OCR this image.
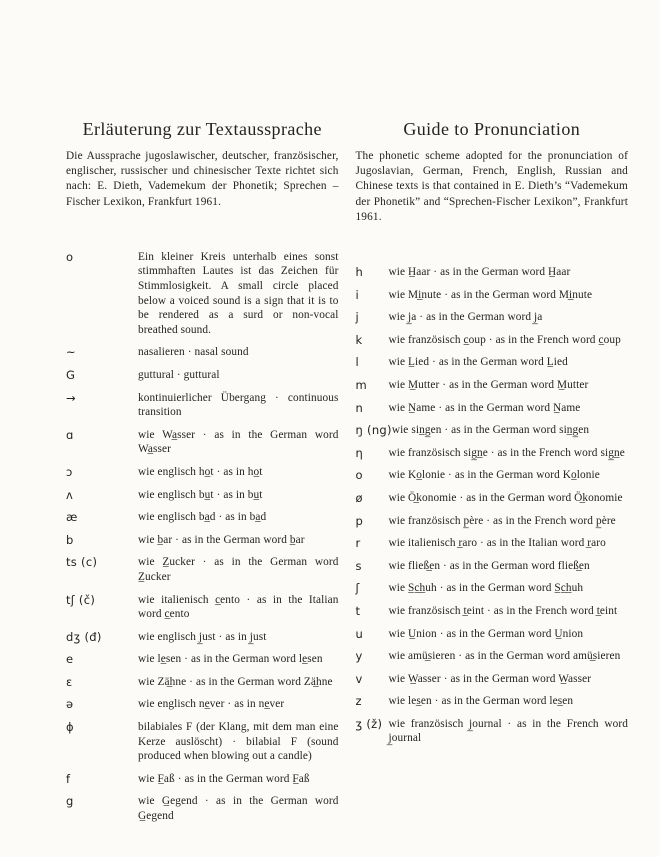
Erläuterung zur Textaussprache
Die Aussprache jugoslawischer, deutscher, französischer, englischer, russischer und chinesischer Texte richtet sich nach: E. Dieth, Vademekum der Phonetik; Sprechen – Fischer Lexikon, Frankfurt 1961.
o	Ein kleiner Kreis unterhalb eines sonst stimmhaften Lautes ist das Zeichen für Stimmlosigkeit. A small circle placed below a voiced sound is a sign that it is to be rendered as a surd or non-vocal breathed sound.
~	nasalieren · nasal sound
G	guttural · guttural
→	kontinuierlicher Übergang · continuous transition
ɑ	wie Wa̲sser · as in the German word Wa̲sser
ɔ	wie englisch ho̲t · as in ho̲t
ʌ	wie englisch bu̲t · as in bu̲t
æ	wie englisch ba̲d · as in ba̲d
b	wie b̲ar · as in the German word b̲ar
ts (c)	wie Z̲ucker · as in the German word Z̲ucker
tʃ (č)	wie italienisch c̲ento · as in the Italian word c̲ento
dʒ (đ)	wie englisch j̲ust · as in j̲ust
e	wie le̲sen · as in the German word le̲sen
ɛ	wie Zä̲hne · as in the German word Zä̲hne
ə	wie englisch ne̲ver · as in ne̲ver
ɸ	bilabiales F (der Klang, mit dem man eine Kerze auslöscht) · bilabial F (sound produced when blowing out a candle)
f	wie F̲aß · as in the German word F̲aß
g	wie G̲egend · as in the German word G̲egend
Guide to Pronunciation
The phonetic scheme adopted for the pronunciation of Jugoslavian, German, French, English, Russian and Chinese texts is that contained in E. Dieth’s “Vademekum der Phonetik” and “Sprechen-Fischer Lexikon”, Frankfurt 1961.
h	wie H̲aar · as in the German word H̲aar
i	wie Mi̲nute · as in the German word Mi̲nute
j	wie j̲a · as in the German word j̲a
k	wie französisch c̲oup · as in the French word c̲oup
l	wie L̲ied · as in the German word L̲ied
m	wie M̲utter · as in the German word M̲utter
n	wie N̲ame · as in the German word N̲ame
ŋ (ng) wie sin̲g̲en · as in the German word sin̲g̲en
ƞ	wie französisch sig̲n̲e · as in the French word sig̲n̲e
o	wie Ko̲lonie · as in the German word Ko̲lonie
ø	wie Ö̲konomie · as in the German word Ö̲konomie
p	wie französisch p̲ère · as in the French word p̲ère
r	wie italienisch r̲aro · as in the Italian word r̲aro
s	wie fließ̲en · as in the German word fließ̲en
ʃ	wie S̲c̲h̲uh · as in the German word S̲c̲h̲uh
t	wie französisch t̲eint · as in the French word t̲eint
u	wie U̲nion · as in the German word U̲nion
y	wie amü̲sieren · as in the German word amü̲sieren
v	wie W̲asser · as in the German word W̲asser
z	wie les̲en · as in the German word les̲en
ʒ (ž) wie französisch j̲ournal · as in the French word j̲ournal
